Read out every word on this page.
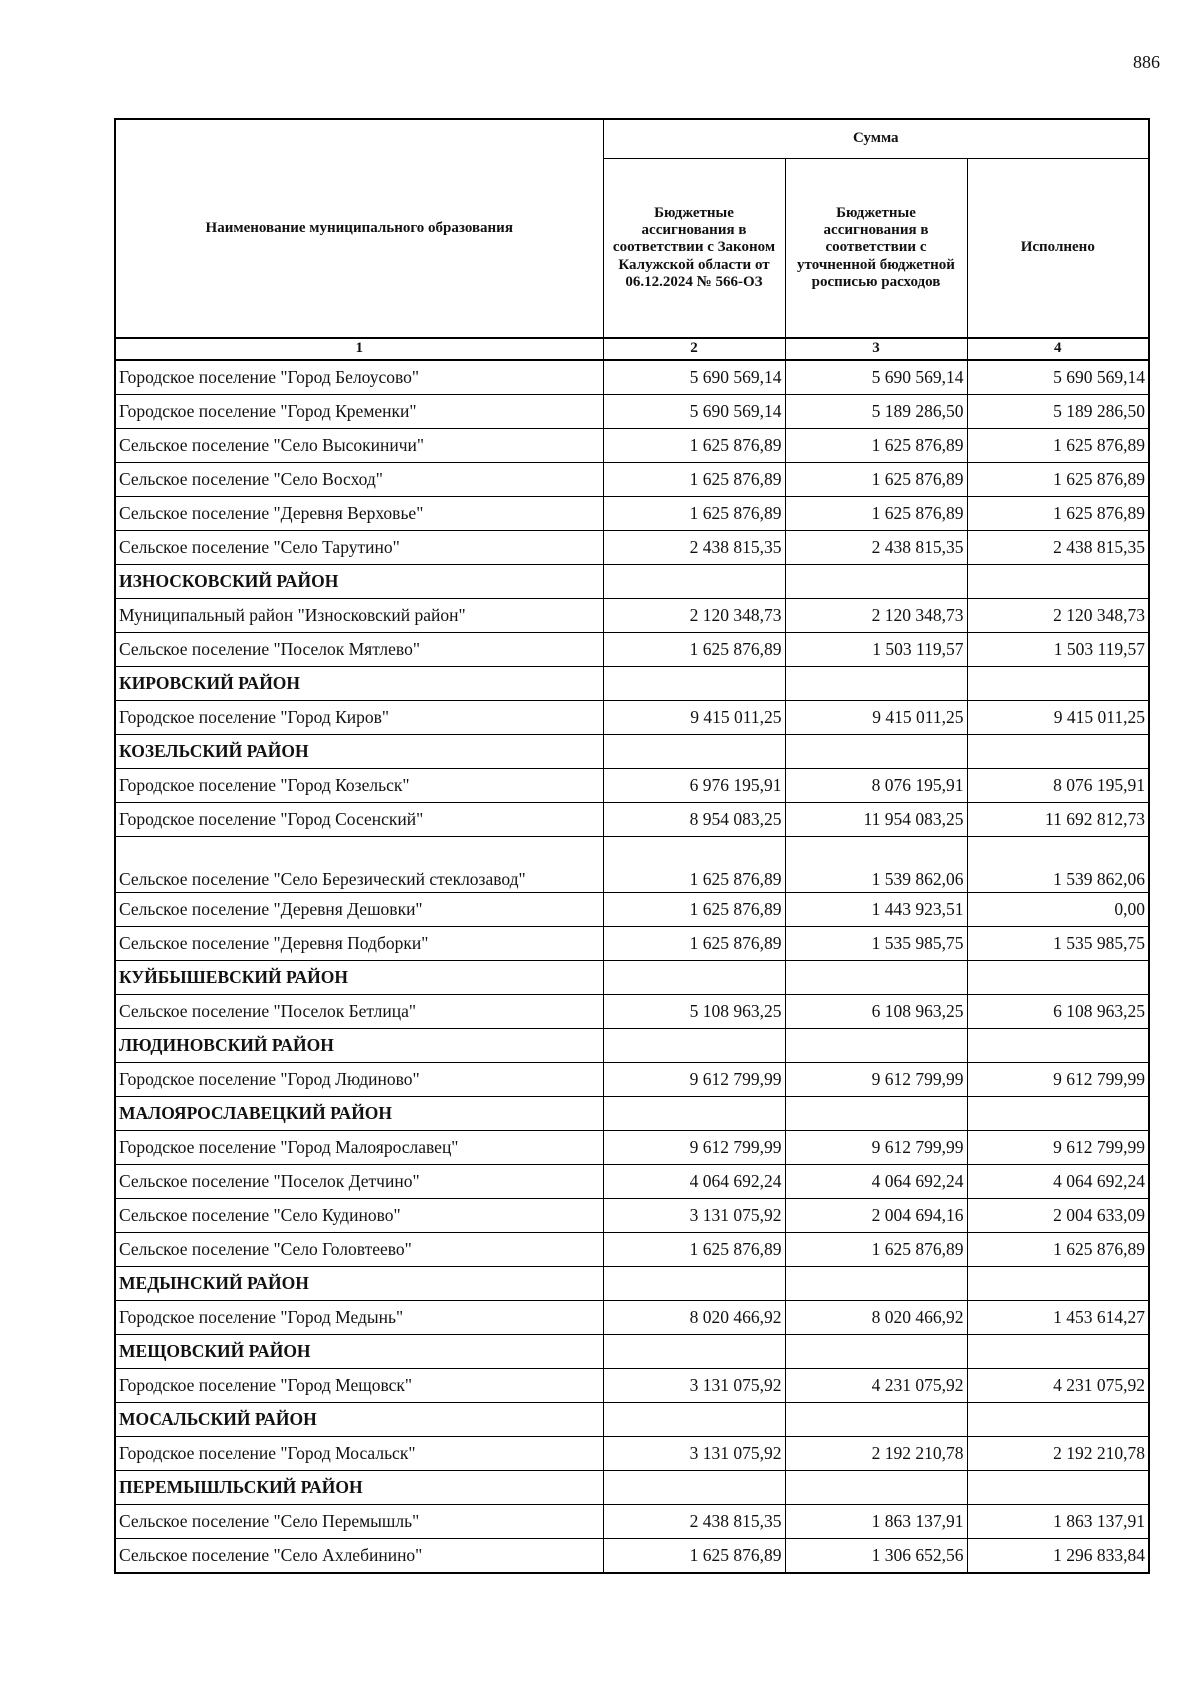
886
Наименование муниципального образования	Сумма		
	Бюджетные ассигнования в соответствии с Законом Калужской области от 06.12.2024 № 566-ОЗ	Бюджетные ассигнования в соответствии с уточненной бюджетной росписью расходов	Исполнено
1	2	3	4
Городское поселение "Город Белоусово"	5 690 569,14	5 690 569,14	5 690 569,14
Городское поселение "Город Кременки"	5 690 569,14	5 189 286,50	5 189 286,50
Сельское поселение "Село Высокиничи"	1 625 876,89	1 625 876,89	1 625 876,89
Сельское поселение "Село Восход"	1 625 876,89	1 625 876,89	1 625 876,89
Сельское поселение "Деревня Верховье"	1 625 876,89	1 625 876,89	1 625 876,89
Сельское поселение "Село Тарутино"	2 438 815,35	2 438 815,35	2 438 815,35
ИЗНОСКОВСКИЙ РАЙОН			
Муниципальный район "Износковский район"	2 120 348,73	2 120 348,73	2 120 348,73
Сельское поселение "Поселок Мятлево"	1 625 876,89	1 503 119,57	1 503 119,57
КИРОВСКИЙ РАЙОН			
Городское поселение "Город Киров"	9 415 011,25	9 415 011,25	9 415 011,25
КОЗЕЛЬСКИЙ РАЙОН			
Городское поселение "Город Козельск"	6 976 195,91	8 076 195,91	8 076 195,91
Городское поселение "Город Сосенский"	8 954 083,25	11 954 083,25	11 692 812,73
Сельское поселение "Село Березический стеклозавод"	1 625 876,89	1 539 862,06	1 539 862,06
Сельское поселение "Деревня Дешовки"	1 625 876,89	1 443 923,51	0,00
Сельское поселение "Деревня Подборки"	1 625 876,89	1 535 985,75	1 535 985,75
КУЙБЫШЕВСКИЙ РАЙОН			
Сельское поселение "Поселок Бетлица"	5 108 963,25	6 108 963,25	6 108 963,25
ЛЮДИНОВСКИЙ РАЙОН			
Городское поселение "Город Людиново"	9 612 799,99	9 612 799,99	9 612 799,99
МАЛОЯРОСЛАВЕЦКИЙ РАЙОН			
Городское поселение "Город Малоярославец"	9 612 799,99	9 612 799,99	9 612 799,99
Сельское поселение "Поселок Детчино"	4 064 692,24	4 064 692,24	4 064 692,24
Сельское поселение "Село Кудиново"	3 131 075,92	2 004 694,16	2 004 633,09
Сельское поселение "Село Головтеево"	1 625 876,89	1 625 876,89	1 625 876,89
МЕДЫНСКИЙ РАЙОН			
Городское поселение "Город Медынь"	8 020 466,92	8 020 466,92	1 453 614,27
МЕЩОВСКИЙ РАЙОН			
Городское поселение "Город Мещовск"	3 131 075,92	4 231 075,92	4 231 075,92
МОСАЛЬСКИЙ РАЙОН			
Городское поселение "Город Мосальск"	3 131 075,92	2 192 210,78	2 192 210,78
ПЕРЕМЫШЛЬСКИЙ РАЙОН			
Сельское поселение "Село Перемышль"	2 438 815,35	1 863 137,91	1 863 137,91
Сельское поселение "Село Ахлебинино"	1 625 876,89	1 306 652,56	1 296 833,84
